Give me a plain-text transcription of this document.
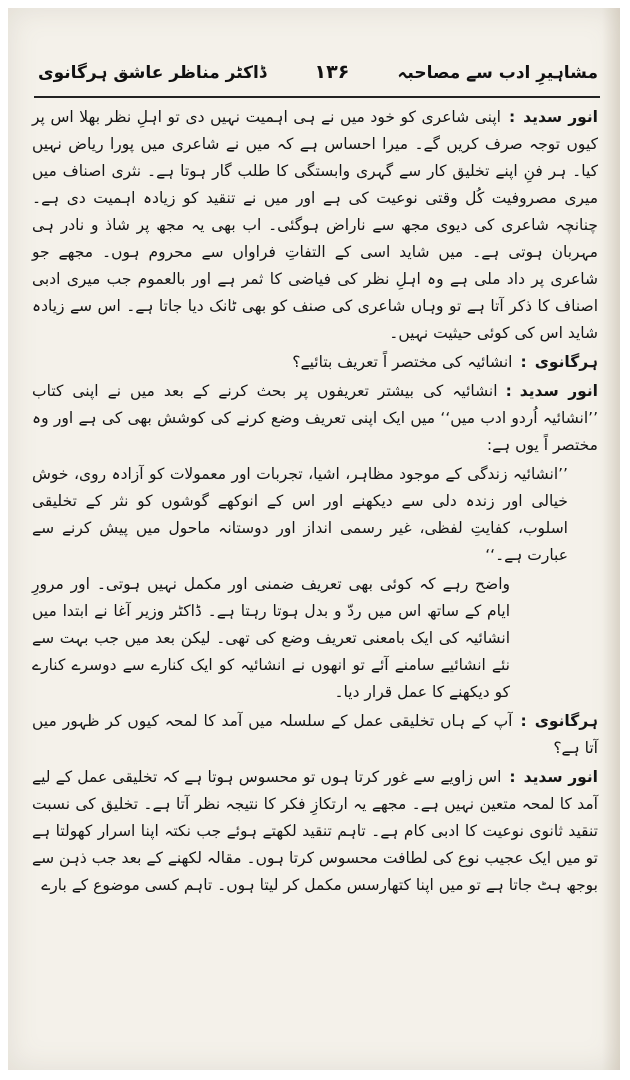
مشاہیرِ ادب سے مصاحبہ
۱۳۶
ڈاکٹر مناظر عاشق ہرگانوی

انور سدید:اپنی شاعری کو خود میں نے ہی اہمیت نہیں دی تو اہلِ نظر بھلا اس پر کیوں توجہ صرف کریں گے۔ میرا احساس ہے کہ میں نے شاعری میں پورا ریاض نہیں کیا۔ ہر فنِ اپنے تخلیق کار سے گہری وابستگی کا طلب گار ہوتا ہے۔ نثری اصناف میں میری مصروفیت کُل وقتی نوعیت کی ہے اور میں نے تنقید کو زیادہ اہمیت دی ہے۔ چنانچہ شاعری کی دیوی مجھ سے ناراض ہوگئی۔ اب بھی یہ مجھ پر شاذ و نادر ہی مہربان ہوتی ہے۔ میں شاید اسی کے التفاتِ فراواں سے محروم ہوں۔ مجھے جو شاعری پر داد ملی ہے وہ اہلِ نظر کی فیاضی کا ثمر ہے اور بالعموم جب میری ادبی اصناف کا ذکر آتا ہے تو وہاں شاعری کی صنف کو بھی ٹانک دیا جاتا ہے۔ اس سے زیادہ شاید اس کی کوئی حیثیت نہیں۔

ہرگانوی:انشائیہ کی مختصر اً تعریف بتائیے؟

انور سدید:انشائیہ کی بیشتر تعریفوں پر بحث کرنے کے بعد میں نے اپنی کتاب ’’انشائیہ اُردو ادب میں‘‘ میں ایک اپنی تعریف وضع کرنے کی کوشش بھی کی ہے اور وہ مختصر اً یوں ہے:

’’انشائیہ زندگی کے موجود مظاہر، اشیا، تجربات اور معمولات کو آزادہ روی، خوش خیالی اور زندہ دلی سے دیکھنے اور اس کے انوکھے گوشوں کو نثر کے تخلیقی اسلوب، کفایتِ لفظی، غیر رسمی انداز اور دوستانہ ماحول میں پیش کرنے سے عبارت ہے۔‘‘

واضح رہے کہ کوئی بھی تعریف ضمنی اور مکمل نہیں ہوتی۔ اور مرورِ ایام کے ساتھ اس میں ردّ و بدل ہوتا رہتا ہے۔ ڈاکٹر وزیر آغا نے ابتدا میں انشائیہ کی ایک بامعنی تعریف وضع کی تھی۔ لیکن بعد میں جب بہت سے نئے انشائیے سامنے آئے تو انھوں نے انشائیہ کو ایک کنارے سے دوسرے کنارے کو دیکھنے کا عمل قرار دیا۔

ہرگانوی:آپ کے ہاں تخلیقی عمل کے سلسلہ میں آمد کا لمحہ کیوں کر ظہور میں آتا ہے؟

انور سدید:اس زاویے سے غور کرتا ہوں تو محسوس ہوتا ہے کہ تخلیقی عمل کے لیے آمد کا لمحہ متعین نہیں ہے۔ مجھے یہ ارتکازِ فکر کا نتیجہ نظر آتا ہے۔ تخلیق کی نسبت تنقید ثانوی نوعیت کا ادبی کام ہے۔ تاہم تنقید لکھتے ہوئے جب نکتہ اپنا اسرار کھولتا ہے تو میں ایک عجیب نوع کی لطافت محسوس کرتا ہوں۔ مقالہ لکھنے کے بعد جب ذہن سے بوجھ ہٹ جاتا ہے تو میں اپنا کتھارسس مکمل کر لیتا ہوں۔ تاہم کسی موضوع کے بارے
